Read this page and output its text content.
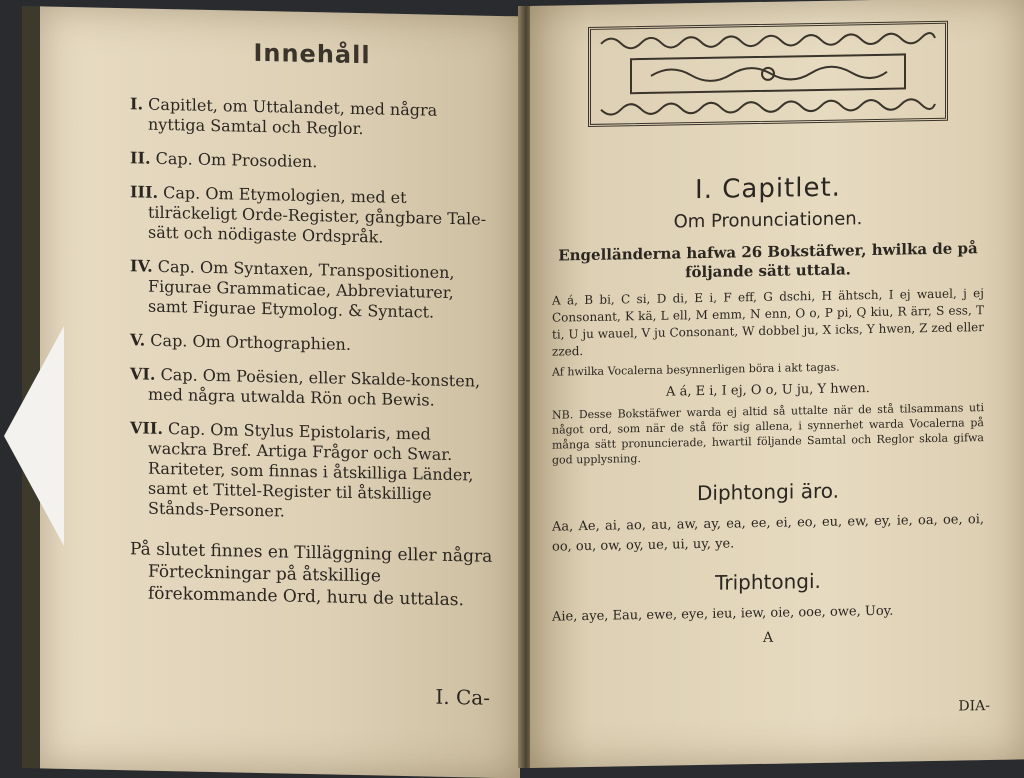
Innehåll
I. Capitlet, om Uttalandet, med några nyttiga Samtal och Reglor.
II. Cap. Om Prosodien.
III. Cap. Om Etymologien, med et tilräckeligt Orde-Register, gångbare Tale-sätt och nödigaste Ordspråk.
IV. Cap. Om Syntaxen, Transpositionen, Figurae Grammaticae, Abbreviaturer, samt Figurae Etymolog. & Syntact.
V. Cap. Om Orthographien.
VI. Cap. Om Poësien, eller Skalde-konsten, med några utwalda Rön och Bewis.
VII. Cap. Om Stylus Epistolaris, med wackra Bref. Artiga Frågor och Swar. Rariteter, som finnas i åtskilliga Länder, samt et Tittel-Register til åtskillige Stånds-Personer.
På slutet finnes en Tilläggning eller några Förteckningar på åtskillige förekommande Ord, huru de uttalas.
I. Ca-
I. Capitlet.
Om Pronunciationen.
Engelländerna hafwa 26 Bokstäfwer, hwilka de på följande sätt uttala.
A á, B bi, C si, D di, E i, F eff, G dschi, H ähtsch, I ej wauel, j ej Consonant, K kä, L ell, M emm, N enn, O o, P pi, Q kiu, R ärr, S ess, T ti, U ju wauel, V ju Consonant, W dobbel ju, X icks, Y hwen, Z zed eller zzed.
Af hwilka Vocalerna besynnerligen böra i akt tagas.
A á, E i, I ej, O o, U ju, Y hwen.
NB. Desse Bokstäfwer warda ej altid så uttalte när de stå tilsammans uti något ord, som när de stå för sig allena, i synnerhet warda Vocalerna på många sätt pronuncierade, hwartil följande Samtal och Reglor skola gifwa god upplysning.
Diphtongi äro.
Aa, Ae, ai, ao, au, aw, ay, ea, ee, ei, eo, eu, ew, ey, ie, oa, oe, oi, oo, ou, ow, oy, ue, ui, uy, ye.
Triphtongi.
Aie, aye, Eau, ewe, eye, ieu, iew, oie, ooe, owe, Uoy.
A
DIA-
